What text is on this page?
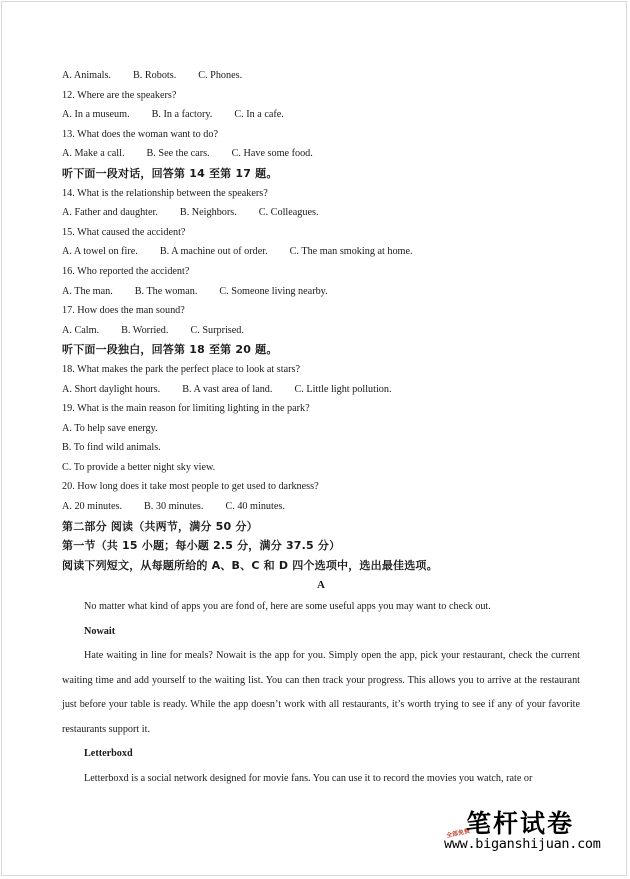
A. Animals. B. Robots. C. Phones.
12. Where are the speakers?
A. In a museum. B. In a factory. C. In a cafe.
13. What does the woman want to do?
A. Make a call. B. See the cars. C. Have some food.
听下面一段对话，回答第 14 至第 17 题。
14. What is the relationship between the speakers?
A. Father and daughter. B. Neighbors. C. Colleagues.
15. What caused the accident?
A. A towel on fire. B. A machine out of order. C. The man smoking at home.
16. Who reported the accident?
A. The man. B. The woman. C. Someone living nearby.
17. How does the man sound?
A. Calm. B. Worried. C. Surprised.
听下面一段独白，回答第 18 至第 20 题。
18. What makes the park the perfect place to look at stars?
A. Short daylight hours. B. A vast area of land. C. Little light pollution.
19. What is the main reason for limiting lighting in the park?
A. To help save energy.
B. To find wild animals.
C. To provide a better night sky view.
20. How long does it take most people to get used to darkness?
A. 20 minutes. B. 30 minutes. C. 40 minutes.
第二部分 阅读（共两节，满分 50 分）
第一节（共 15 小题；每小题 2.5 分，满分 37.5 分）
阅读下列短文，从每题所给的 A、B、C 和 D 四个选项中，选出最佳选项。
A

No matter what kind of apps you are fond of, here are some useful apps you may want to check out.

Nowait

Hate waiting in line for meals? Nowait is the app for you. Simply open the app, pick your restaurant, check the current waiting time and add yourself to the waiting list. You can then track your progress. This allows you to arrive at the restaurant just before your table is ready. While the app doesn’t work with all restaurants, it’s worth trying to see if any of your favorite restaurants support it.

Letterboxd

Letterboxd is a social network designed for movie fans. You can use it to record the movies you watch, rate or

全部免费
笔杆试卷
www.biganshijuan.com
